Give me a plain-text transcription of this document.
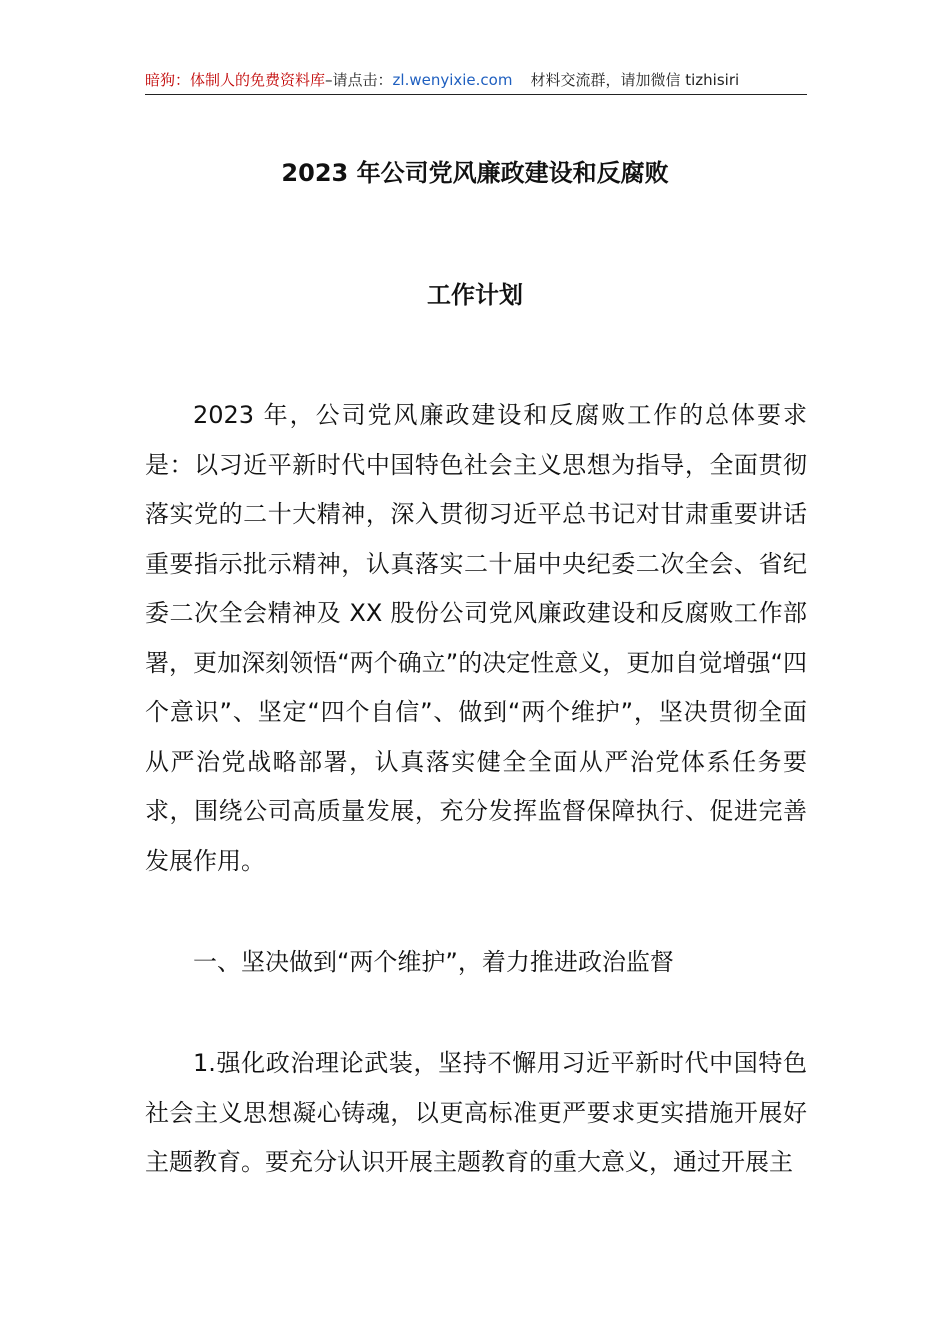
暗狗：体制人的免费资料库–请点击：zl.wenyixie.com 材料交流群，请加微信 tizhisiri
2023 年公司党风廉政建设和反腐败
工作计划

2023 年，公司党风廉政建设和反腐败工作的总体要求是：以习近平新时代中国特色社会主义思想为指导，全面贯彻落实党的二十大精神，深入贯彻习近平总书记对甘肃重要讲话重要指示批示精神，认真落实二十届中央纪委二次全会、省纪委二次全会精神及 XX 股份公司党风廉政建设和反腐败工作部署，更加深刻领悟“两个确立”的决定性意义，更加自觉增强“四个意识”、坚定“四个自信”、做到“两个维护”，坚决贯彻全面从严治党战略部署，认真落实健全全面从严治党体系任务要求，围绕公司高质量发展，充分发挥监督保障执行、促进完善发展作用。

一、坚决做到“两个维护”，着力推进政治监督

1.强化政治理论武装，坚持不懈用习近平新时代中国特色社会主义思想凝心铸魂，以更高标准更严要求更实措施开展好主题教育。要充分认识开展主题教育的重大意义，通过开展主
